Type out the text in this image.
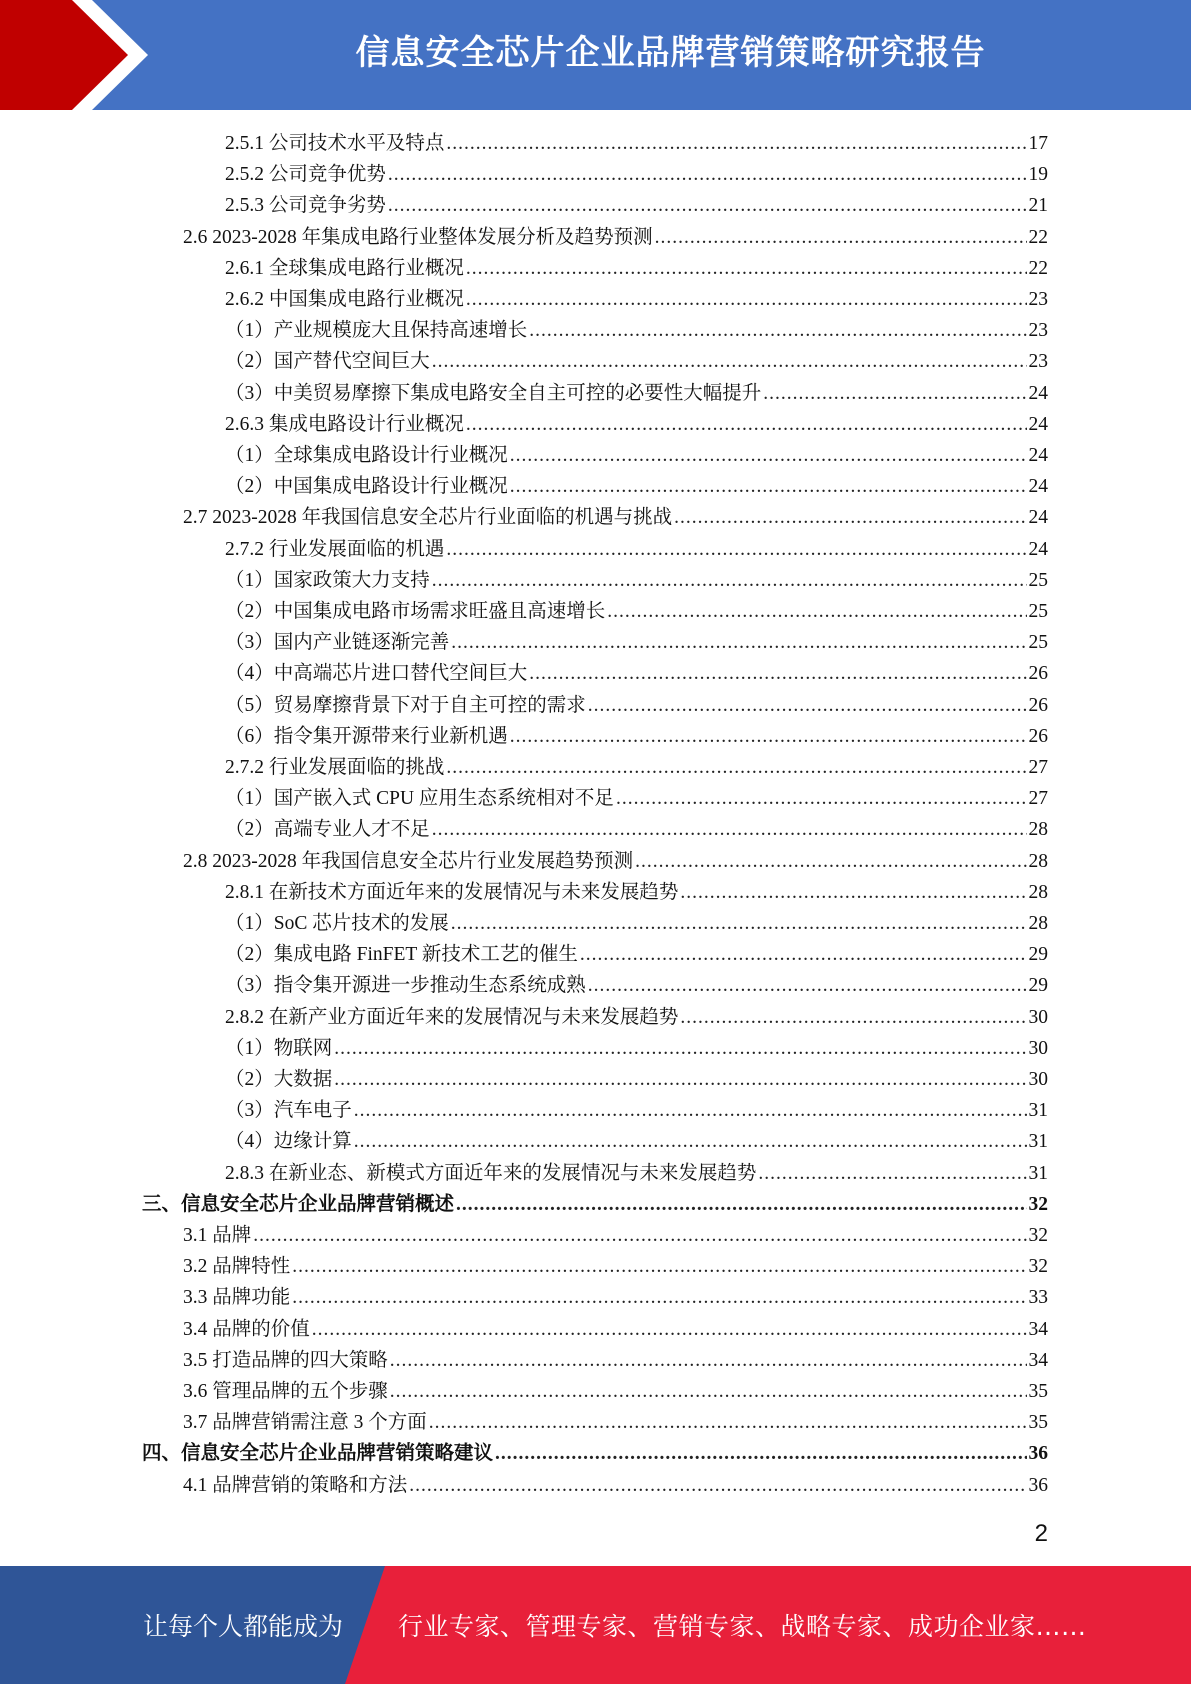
信息安全芯片企业品牌营销策略研究报告
2.5.1 公司技术水平及特点 .....	17
2.5.2 公司竞争优势 .....	19
2.5.3 公司竞争劣势 .....	21
2.6 2023-2028 年集成电路行业整体发展分析及趋势预测 .....	22
2.6.1 全球集成电路行业概况 .....	22
2.6.2 中国集成电路行业概况 .....	23
（1）产业规模庞大且保持高速增长 .....	23
（2）国产替代空间巨大 .....	23
（3）中美贸易摩擦下集成电路安全自主可控的必要性大幅提升 .....	24
2.6.3 集成电路设计行业概况 .....	24
（1）全球集成电路设计行业概况 .....	24
（2）中国集成电路设计行业概况 .....	24
2.7 2023-2028 年我国信息安全芯片行业面临的机遇与挑战 .....	24
2.7.2 行业发展面临的机遇 .....	24
（1）国家政策大力支持 .....	25
（2）中国集成电路市场需求旺盛且高速增长 .....	25
（3）国内产业链逐渐完善 .....	25
（4）中高端芯片进口替代空间巨大 .....	26
（5）贸易摩擦背景下对于自主可控的需求 .....	26
（6）指令集开源带来行业新机遇 .....	26
2.7.2 行业发展面临的挑战 .....	27
（1）国产嵌入式 CPU 应用生态系统相对不足 .....	27
（2）高端专业人才不足 .....	28
2.8 2023-2028 年我国信息安全芯片行业发展趋势预测 .....	28
2.8.1 在新技术方面近年来的发展情况与未来发展趋势 .....	28
（1）SoC 芯片技术的发展 .....	28
（2）集成电路 FinFET 新技术工艺的催生 .....	29
（3）指令集开源进一步推动生态系统成熟 .....	29
2.8.2 在新产业方面近年来的发展情况与未来发展趋势 .....	30
（1）物联网 .....	30
（2）大数据 .....	30
（3）汽车电子 .....	31
（4）边缘计算 .....	31
2.8.3 在新业态、新模式方面近年来的发展情况与未来发展趋势 .....	31
三、信息安全芯片企业品牌营销概述 .....	32
3.1 品牌 .....	32
3.2 品牌特性 .....	32
3.3 品牌功能 .....	33
3.4 品牌的价值 .....	34
3.5 打造品牌的四大策略 .....	34
3.6 管理品牌的五个步骤 .....	35
3.7 品牌营销需注意 3 个方面 .....	35
四、信息安全芯片企业品牌营销策略建议 .....	36
4.1 品牌营销的策略和方法 .....	36
2
让每个人都能成为 行业专家、管理专家、营销专家、战略专家、成功企业家……
